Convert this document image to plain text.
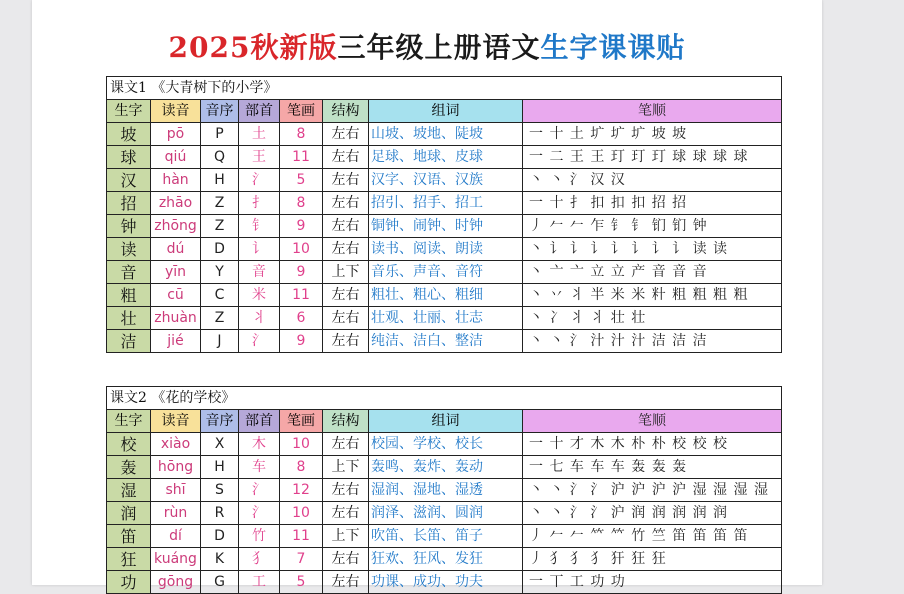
2025秋新版三年级上册语文生字课课贴
课文1 《大青树下的小学》							
生字	读音	音序	部首	笔画	结构	组词	笔顺
坡	pō	P	土	8	左右	山坡、坡地、陡坡	一 十 土 圹 圹 圹 坡 坡
球	qiú	Q	王	11	左右	足球、地球、皮球	一 二 王 王 玎 玎 玎 球 球 球 球
汉	hàn	H	氵	5	左右	汉字、汉语、汉族	丶 丶 氵 汉 汉
招	zhāo	Z	扌	8	左右	招引、招手、招工	一 十 扌 扣 扣 扣 招 招
钟	zhōng	Z	钅	9	左右	铜钟、闹钟、时钟	丿 𠂉 𠂉 乍 钅 钅 钔 钔 钟
读	dú	D	讠	10	左右	读书、阅读、朗读	丶 讠 讠 讠 讠 讠 讠 讠 读 读
音	yīn	Y	音	9	上下	音乐、声音、音符	丶 亠 亠 立 立 产 音 音 音
粗	cū	C	米	11	左右	粗壮、粗心、粗细	丶 丷 丬 半 米 米 籵 粗 粗 粗 粗
壮	zhuàn	Z	丬	6	左右	壮观、壮丽、壮志	丶 冫 丬 丬 壮 壮
洁	jié	J	氵	9	左右	纯洁、洁白、整洁	丶 丶 氵 汁 汁 汁 洁 洁 洁
课文2 《花的学校》							
生字	读音	音序	部首	笔画	结构	组词	笔顺
校	xiào	X	木	10	左右	校园、学校、校长	一 十 才 木 木 朴 朴 校 校 校
轰	hōng	H	车	8	上下	轰鸣、轰炸、轰动	一 七 车 车 车 轰 轰 轰
湿	shī	S	氵	12	左右	湿润、湿地、湿透	丶 丶 氵 氵 沪 沪 沪 沪 湿 湿 湿 湿
润	rùn	R	氵	10	左右	润泽、滋润、圆润	丶 丶 氵 氵 沪 润 润 润 润 润
笛	dí	D	竹	11	上下	吹笛、长笛、笛子	丿 𠂉 𠂉 𥫗 𥫗 竹 竺 笛 笛 笛 笛
狂	kuáng	K	犭	7	左右	狂欢、狂风、发狂	丿 犭 犭 犭 犴 狂 狂
功	gōng	G	工	5	左右	功课、成功、功夫	一 丅 工 功 功
